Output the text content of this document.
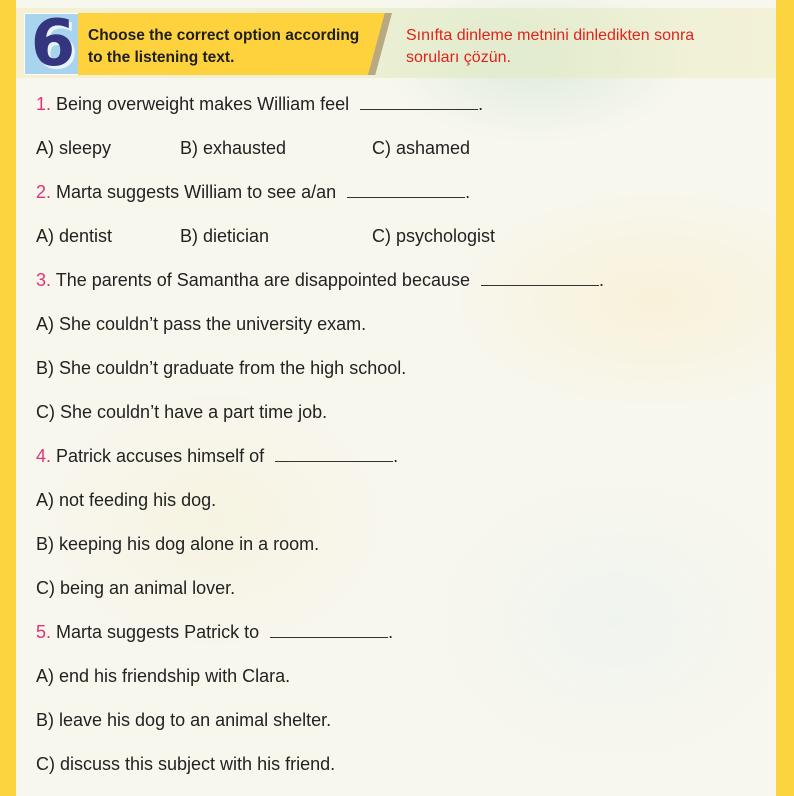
6 Choose the correct option according
to the listening text.
Sınıfta dinleme metnini dinledikten sonra
soruları çözün.
1. Being overweight makes William feel	.
A) sleepy	B) exhausted	C) ashamed
2. Marta suggests William to see a/an	.
A) dentist	B) dietician	C) psychologist
3. The parents of Samantha are disappointed because	.
A) She couldn’t pass the university exam.
B) She couldn’t graduate from the high school.
C) She couldn’t have a part time job.
4. Patrick accuses himself of	.
A) not feeding his dog.
B) keeping his dog alone in a room.
C) being an animal lover.
5. Marta suggests Patrick to	.
A) end his friendship with Clara.
B) leave his dog to an animal shelter.
C) discuss this subject with his friend.
